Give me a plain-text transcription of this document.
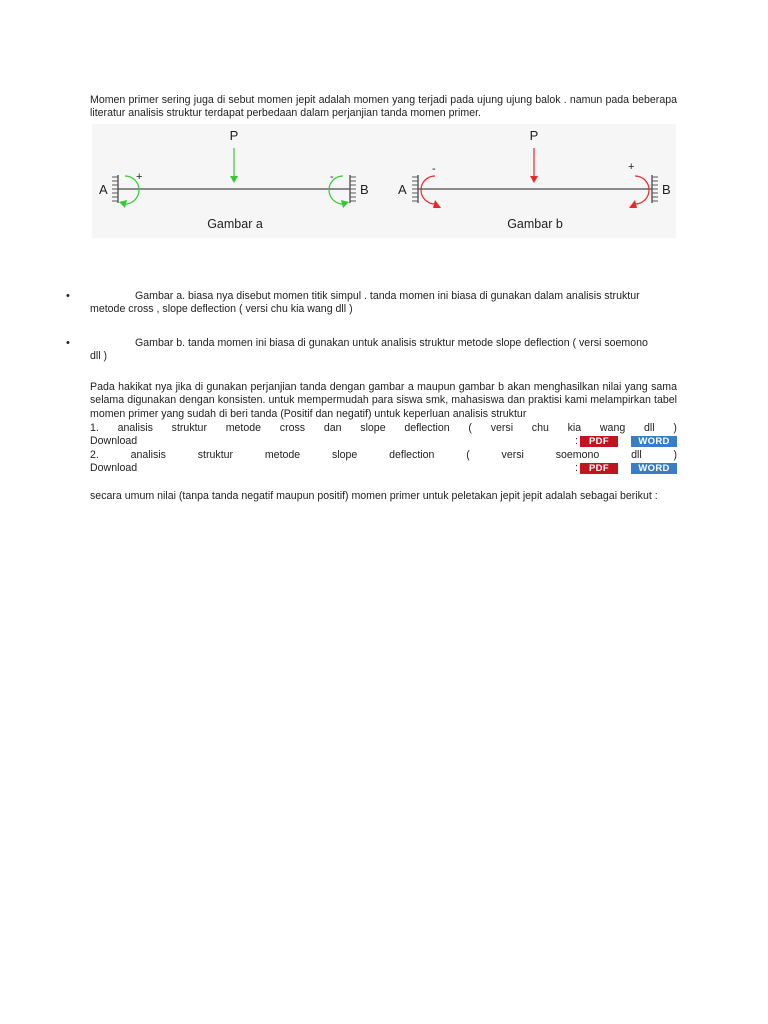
Momen primer sering juga di sebut momen jepit adalah momen yang terjadi pada ujung ujung balok . namun pada beberapa literatur analisis struktur terdapat perbedaan dalam perjanjian tanda momen primer.
P
A	B
+	-
Gambar a
P
A	B
-	+
Gambar b
•	Gambar a. biasa nya disebut momen titik simpul . tanda momen ini biasa di gunakan dalam analisis struktur metode cross , slope deflection ( versi chu kia wang dll )
•	Gambar b. tanda momen ini biasa di gunakan untuk analisis struktur metode slope deflection ( versi soemono dll )
Pada hakikat nya jika di gunakan perjanjian tanda dengan gambar a maupun gambar b akan menghasilkan nilai yang sama selama digunakan dengan konsisten. untuk mempermudah para siswa smk, mahasiswa dan praktisi kami melampirkan tabel momen primer yang sudah di beri tanda (Positif dan negatif) untuk keperluan analisis struktur
1. analisis struktur metode cross dan slope deflection ( versi chu kia wang dll )
Download	:	PDF	WORD
2.	analisis	struktur	metode	slope	deflection	(	versi	soemono	dll	)
Download	:	PDF	WORD
secara umum nilai (tanpa tanda negatif maupun positif) momen primer untuk peletakan jepit jepit adalah sebagai berikut :
